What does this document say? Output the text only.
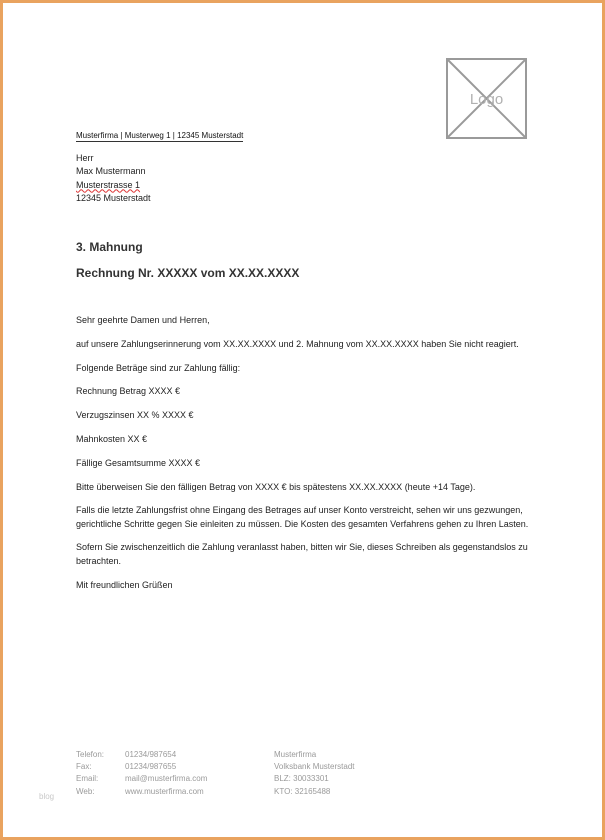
Logo
Musterfirma | Musterweg 1 | 12345 Musterstadt
Herr
Max Mustermann
Musterstrasse 1
12345 Musterstadt
3. Mahnung
Rechnung Nr. XXXXX vom XX.XX.XXXX

Sehr geehrte Damen und Herren,

auf unsere Zahlungserinnerung vom XX.XX.XXXX und 2. Mahnung vom XX.XX.XXXX haben Sie nicht reagiert.

Folgende Beträge sind zur Zahlung fällig:

Rechnung Betrag XXXX €

Verzugszinsen XX % XXXX €

Mahnkosten XX €

Fällige Gesamtsumme XXXX €

Bitte überweisen Sie den fälligen Betrag von XXXX € bis spätestens XX.XX.XXXX (heute +14 Tage).

Falls die letzte Zahlungsfrist ohne Eingang des Betrages auf unser Konto verstreicht, sehen wir uns gezwungen, gerichtliche Schritte gegen Sie einleiten zu müssen. Die Kosten des gesamten Verfahrens gehen zu Ihren Lasten.

Sofern Sie zwischenzeitlich die Zahlung veranlasst haben, bitten wir Sie, dieses Schreiben als gegenstandslos zu betrachten.

Mit freundlichen Grüßen

Telefon:
Fax:
Email:
Web:
01234/987654
01234/987655
mail@musterfirma.com
www.musterfirma.com
Musterfirma
Volksbank Musterstadt
BLZ: 30033301
KTO: 32165488
blog
